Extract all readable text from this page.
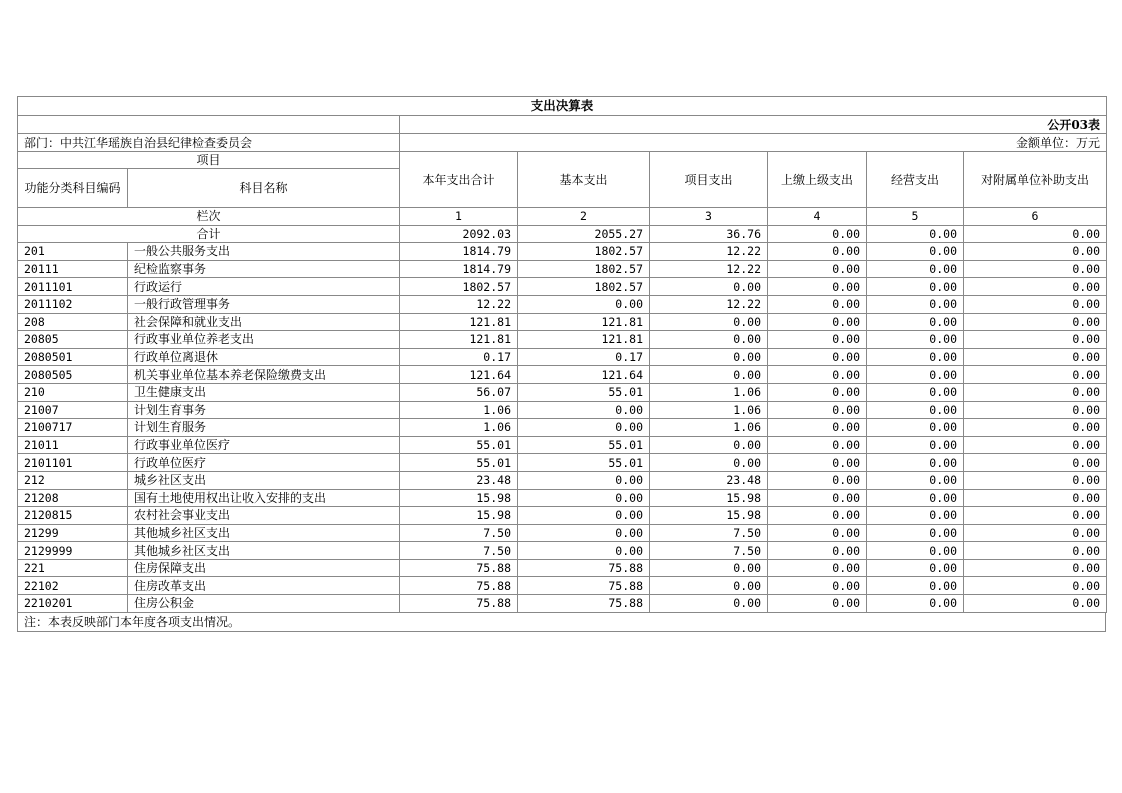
支出决算表							
		公开03表					
部门：中共江华瑶族自治县纪律检查委员会		金额单位：万元					
项目		本年支出合计	基本支出	项目支出	上缴上级支出	经营支出	对附属单位补助支出
功能分类科目编码	科目名称						
栏次		1	2	3	4	5	6
合计		2092.03	2055.27	36.76	0.00	0.00	0.00
201	一般公共服务支出	1814.79	1802.57	12.22	0.00	0.00	0.00
20111	纪检监察事务	1814.79	1802.57	12.22	0.00	0.00	0.00
2011101	行政运行	1802.57	1802.57	0.00	0.00	0.00	0.00
2011102	一般行政管理事务	12.22	0.00	12.22	0.00	0.00	0.00
208	社会保障和就业支出	121.81	121.81	0.00	0.00	0.00	0.00
20805	行政事业单位养老支出	121.81	121.81	0.00	0.00	0.00	0.00
2080501	行政单位离退休	0.17	0.17	0.00	0.00	0.00	0.00
2080505	机关事业单位基本养老保险缴费支出	121.64	121.64	0.00	0.00	0.00	0.00
210	卫生健康支出	56.07	55.01	1.06	0.00	0.00	0.00
21007	计划生育事务	1.06	0.00	1.06	0.00	0.00	0.00
2100717	计划生育服务	1.06	0.00	1.06	0.00	0.00	0.00
21011	行政事业单位医疗	55.01	55.01	0.00	0.00	0.00	0.00
2101101	行政单位医疗	55.01	55.01	0.00	0.00	0.00	0.00
212	城乡社区支出	23.48	0.00	23.48	0.00	0.00	0.00
21208	国有土地使用权出让收入安排的支出	15.98	0.00	15.98	0.00	0.00	0.00
2120815	农村社会事业支出	15.98	0.00	15.98	0.00	0.00	0.00
21299	其他城乡社区支出	7.50	0.00	7.50	0.00	0.00	0.00
2129999	其他城乡社区支出	7.50	0.00	7.50	0.00	0.00	0.00
221	住房保障支出	75.88	75.88	0.00	0.00	0.00	0.00
22102	住房改革支出	75.88	75.88	0.00	0.00	0.00	0.00
2210201	住房公积金	75.88	75.88	0.00	0.00	0.00	0.00
注：本表反映部门本年度各项支出情况。
